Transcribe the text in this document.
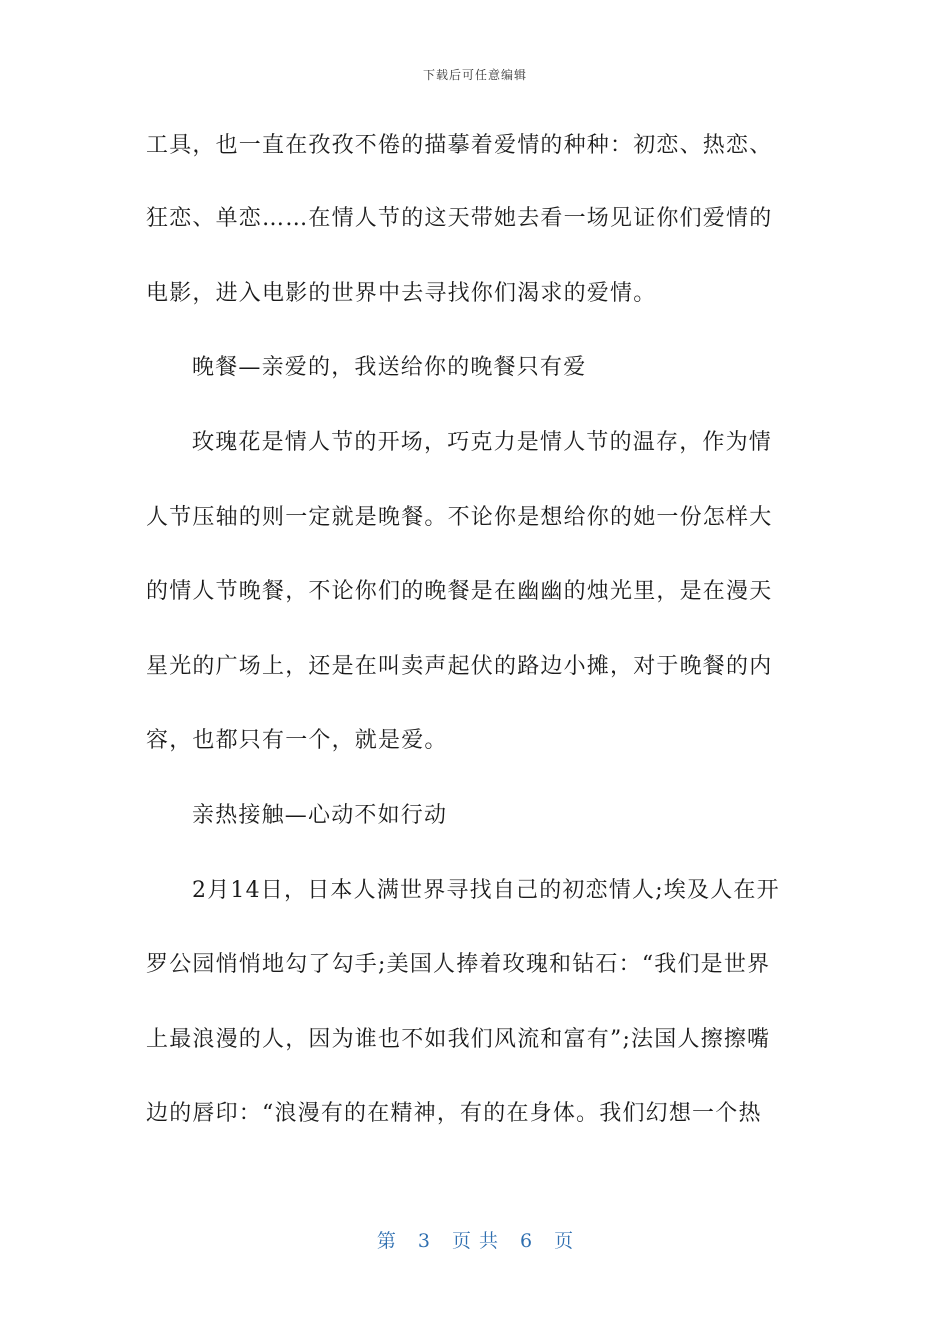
下载后可任意编辑
工具，也一直在孜孜不倦的描摹着爱情的种种：初恋、热恋、
狂恋、单恋……在情人节的这天带她去看一场见证你们爱情的
电影，进入电影的世界中去寻找你们渴求的爱情。
晚餐—亲爱的，我送给你的晚餐只有爱
玫瑰花是情人节的开场，巧克力是情人节的温存，作为情
人节压轴的则一定就是晚餐。不论你是想给你的她一份怎样大
的情人节晚餐，不论你们的晚餐是在幽幽的烛光里，是在漫天
星光的广场上，还是在叫卖声起伏的路边小摊，对于晚餐的内
容，也都只有一个，就是爱。
亲热接触—心动不如行动
2月14日，日本人满世界寻找自己的初恋情人;埃及人在开
罗公园悄悄地勾了勾手;美国人捧着玫瑰和钻石：“我们是世界
上最浪漫的人，因为谁也不如我们风流和富有”;法国人擦擦嘴
边的唇印：“浪漫有的在精神，有的在身体。我们幻想一个热
第 3 页共 6 页
